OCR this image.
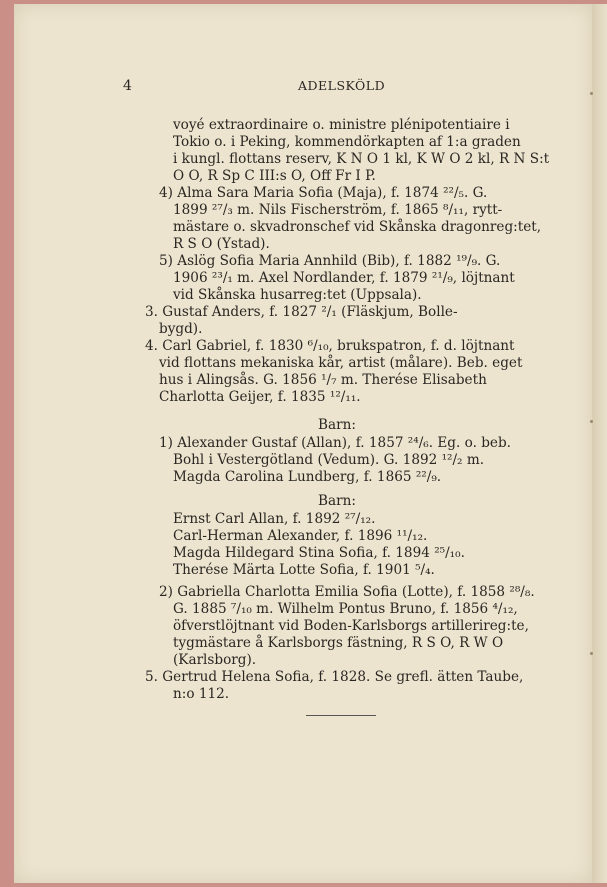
4	ADELSKÖLD
voyé extraordinaire o. ministre plénipotentiaire i
Tokio o. i Peking, kommendörkapten af 1:a graden
i kungl. flottans reserv, K N O 1 kl, K W O 2 kl, R N S:t
O O, R Sp C III:s O, Off Fr I P.
4) Alma Sara Maria Sofia (Maja), f. 1874 ²²/₅. G.
1899 ²⁷/₃ m. Nils Fischerström, f. 1865 ⁸/₁₁, rytt-
mästare o. skvadronschef vid Skånska dragonreg:tet,
R S O (Ystad).
5) Aslög Sofia Maria Annhild (Bib), f. 1882 ¹⁹/₉. G.
1906 ²³/₁ m. Axel Nordlander, f. 1879 ²¹/₉, löjtnant
vid Skånska husarreg:tet (Uppsala).
3. Gustaf Anders, f. 1827 ²/₁ (Fläskjum, Bolle-
bygd).
4. Carl Gabriel, f. 1830 ⁶/₁₀, brukspatron, f. d. löjtnant
vid flottans mekaniska kår, artist (målare). Beb. eget
hus i Alingsås. G. 1856 ¹/₇ m. Therése Elisabeth
Charlotta Geijer, f. 1835 ¹²/₁₁.
Barn:
1) Alexander Gustaf (Allan), f. 1857 ²⁴/₆. Eg. o. beb.
Bohl i Vestergötland (Vedum). G. 1892 ¹²/₂ m.
Magda Carolina Lundberg, f. 1865 ²²/₉.
Barn:
Ernst Carl Allan, f. 1892 ²⁷/₁₂.
Carl-Herman Alexander, f. 1896 ¹¹/₁₂.
Magda Hildegard Stina Sofia, f. 1894 ²⁵/₁₀.
Therése Märta Lotte Sofia, f. 1901 ⁵/₄.
2) Gabriella Charlotta Emilia Sofia (Lotte), f. 1858 ²⁸/₈.
G. 1885 ⁷/₁₀ m. Wilhelm Pontus Bruno, f. 1856 ⁴/₁₂,
öfverstlöjtnant vid Boden-Karlsborgs artillerireg:te,
tygmästare å Karlsborgs fästning, R S O, R W O
(Karlsborg).
5. Gertrud Helena Sofia, f. 1828. Se grefl. ätten Taube,
n:o 112.
